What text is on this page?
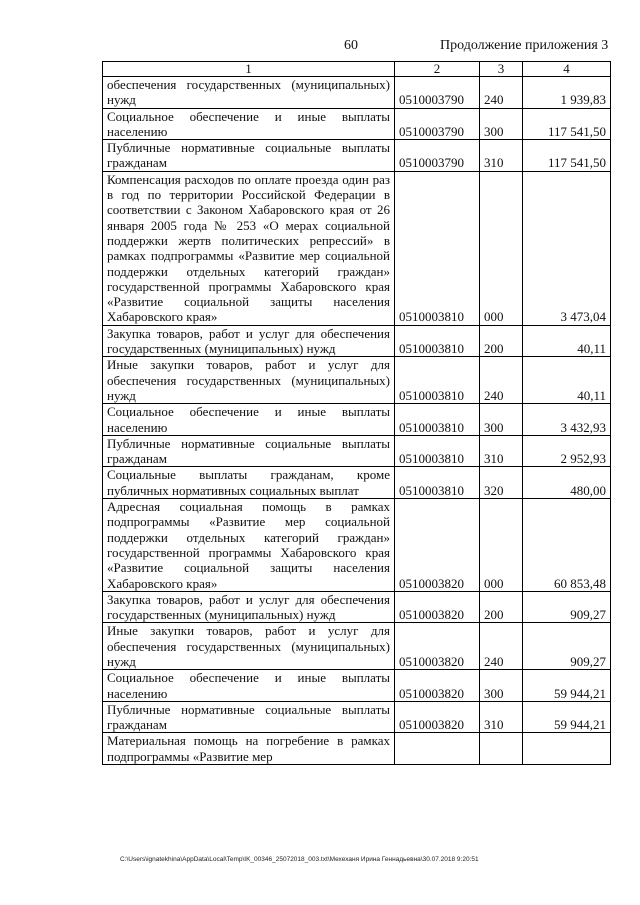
60	Продолжение приложения 3
1	2	3	4
обеспечения государственных (муниципальных) нужд	0510003790	240	1 939,83
Социальное обеспечение и иные выплаты населению	0510003790	300	117 541,50
Публичные нормативные социальные выплаты гражданам	0510003790	310	117 541,50
Компенсация расходов по оплате проезда один раз в год по территории Российской Федерации в соответствии с Законом Хабаровского края от 26 января 2005 года № 253 «О мерах социальной поддержки жертв политических репрессий» в рамках подпрограммы «Развитие мер социальной поддержки отдельных категорий граждан» государственной программы Хабаровского края «Развитие социальной защиты населения Хабаровского края»	0510003810	000	3 473,04
Закупка товаров, работ и услуг для обеспечения государственных (муниципальных) нужд	0510003810	200	40,11
Иные закупки товаров, работ и услуг для обеспечения государственных (муниципальных) нужд	0510003810	240	40,11
Социальное обеспечение и иные выплаты населению	0510003810	300	3 432,93
Публичные нормативные социальные выплаты гражданам	0510003810	310	2 952,93
Социальные выплаты гражданам, кроме публичных нормативных социальных выплат	0510003810	320	480,00
Адресная социальная помощь в рамках подпрограммы «Развитие мер социальной поддержки отдельных категорий граждан» государственной программы Хабаровского края «Развитие социальной защиты населения Хабаровского края»	0510003820	000	60 853,48
Закупка товаров, работ и услуг для обеспечения государственных (муниципальных) нужд	0510003820	200	909,27
Иные закупки товаров, работ и услуг для обеспечения государственных (муниципальных) нужд	0510003820	240	909,27
Социальное обеспечение и иные выплаты населению	0510003820	300	59 944,21
Публичные нормативные социальные выплаты гражданам	0510003820	310	59 944,21
Материальная помощь на погребение в рамках подпрограммы «Развитие мер			
C:\Users\ignatekhina\AppData\Local\Temp\IK_00346_25072018_003.txt\Мехеханя Ирина Геннадьевна\30.07.2018 9:20:51
